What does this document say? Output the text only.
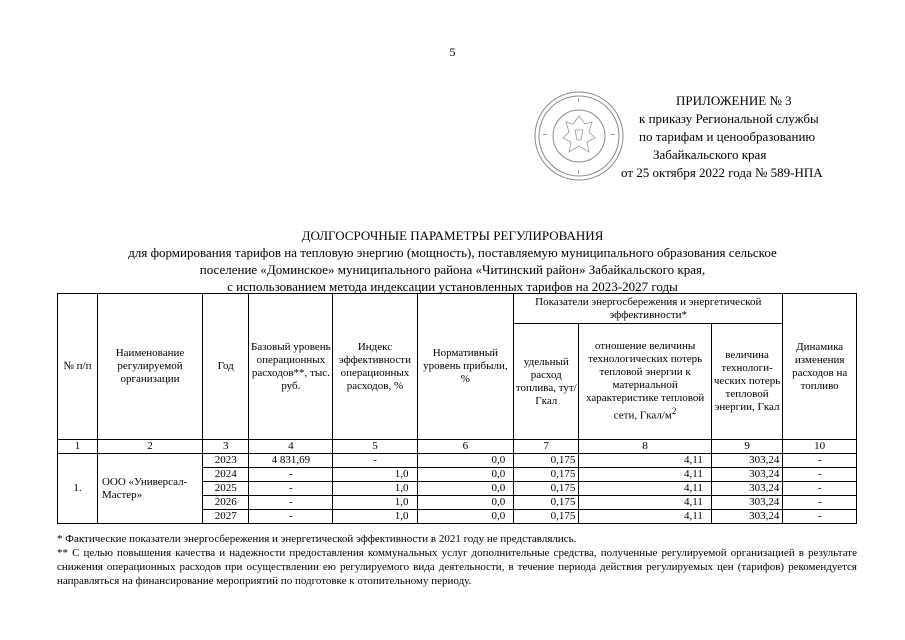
5
ПРИЛОЖЕНИЕ № 3
к приказу Региональной службы
по тарифам и ценообразованию
Забайкальского края
от 25 октября 2022 года № 589-НПА
ДОЛГОСРОЧНЫЕ ПАРАМЕТРЫ РЕГУЛИРОВАНИЯ
для формирования тарифов на тепловую энергию (мощность), поставляемую муниципального образования сельское
поселение «Доминское» муниципального района «Читинский район» Забайкальского края,
с использованием метода индексации установленных тарифов на 2023-2027 годы
№ п/п	Наименование регулируемой организации	Год	Базовый уровень операционных расходов**, тыс. руб.	Индекс эффективности операционных расходов, %	Нормативный уровень прибыли, %	Показатели энергосбережения и энергетической эффективности*			Динамика изменения расходов на топливо
						удельный расход топлива, тут/Гкал	отношение величины технологических потерь тепловой энергии к материальной характеристике тепловой сети, Гкал/$м^2$	величина технологи-ческих потерь тепловой энергии, Гкал	
1	2	3	4	5	6	7	8	9	10
1.	ООО «Универсал-Мастер»	2023	4 831,69	-	0,0	0,175	4,11	303,24	-
		2024	-	1,0	0,0	0,175	4,11	303,24	-
		2025	-	1,0	0,0	0,175	4,11	303,24	-
		2026	-	1,0	0,0	0,175	4,11	303,24	-
		2027	-	1,0	0,0	0,175	4,11	303,24	-

* Фактические показатели энергосбережения и энергетической эффективности в 2021 году не представлялись.

** С целью повышения качества и надежности предоставления коммунальных услуг дополнительные средства, полученные регулируемой организацией в результате снижения операционных расходов при осуществлении ею регулируемого вида деятельности, в течение периода действия регулируемых цен (тарифов) рекомендуется направляться на финансирование мероприятий по подготовке к отопительному периоду.
